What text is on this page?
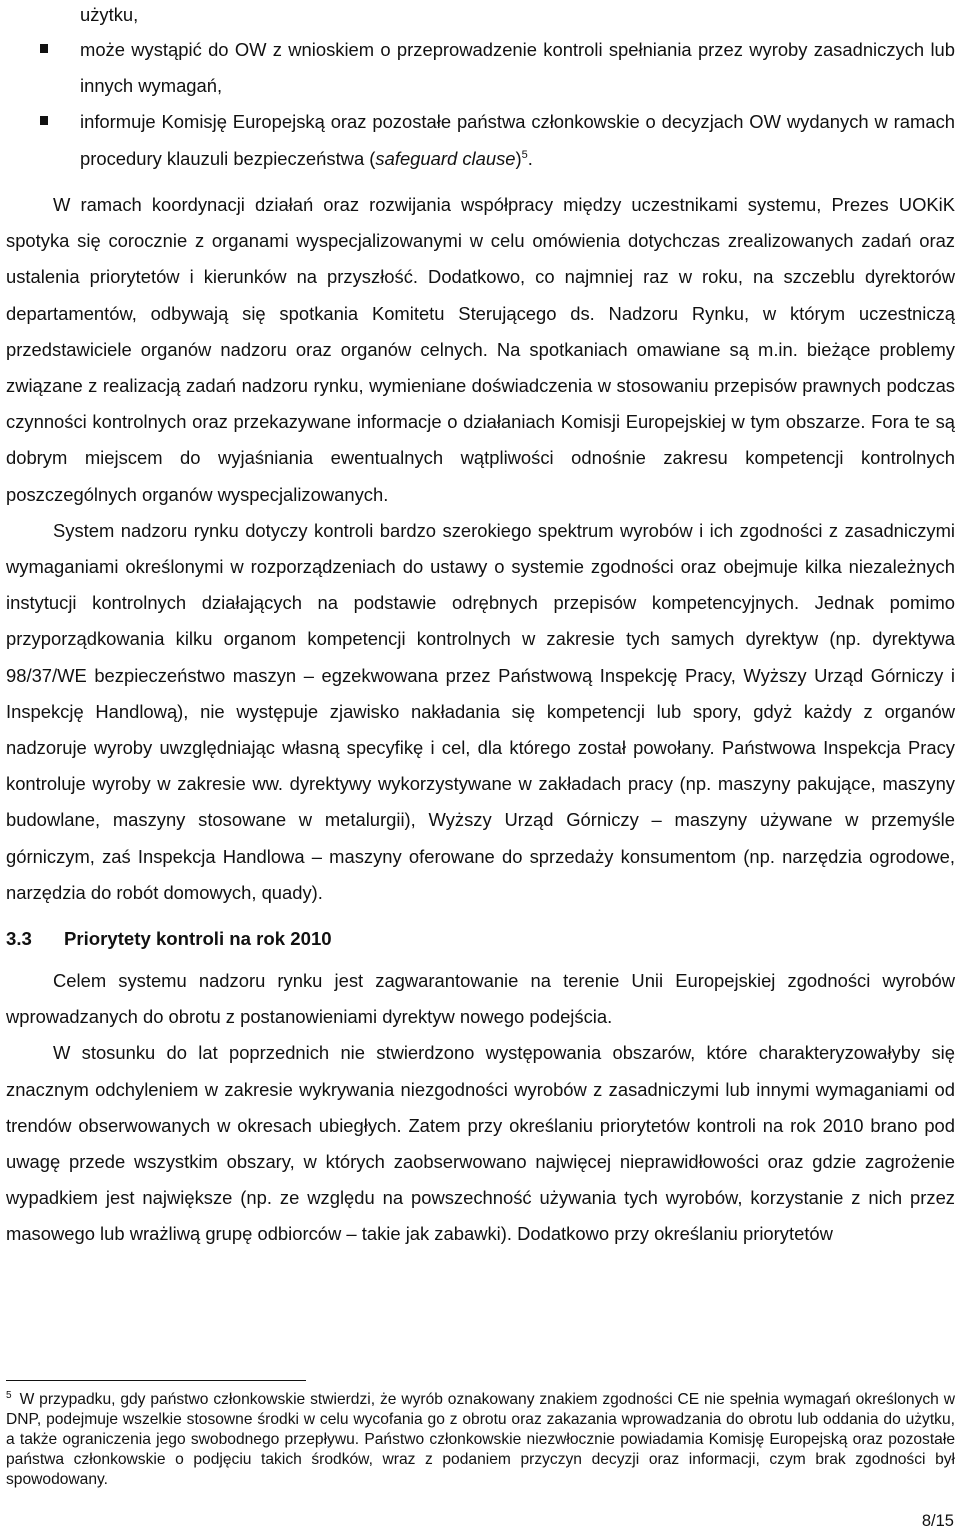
użytku,
może wystąpić do OW z wnioskiem o przeprowadzenie kontroli spełniania przez wyroby zasadniczych lub innych wymagań,
informuje Komisję Europejską oraz pozostałe państwa członkowskie o decyzjach OW wydanych w ramach procedury klauzuli bezpieczeństwa (safeguard clause)$^5$.

W ramach koordynacji działań oraz rozwijania współpracy między uczestnikami systemu, Prezes UOKiK spotyka się corocznie z organami wyspecjalizowanymi w celu omówienia dotychczas zrealizowanych zadań oraz ustalenia priorytetów i kierunków na przyszłość. Dodatkowo, co najmniej raz w roku, na szczeblu dyrektorów departamentów, odbywają się spotkania Komitetu Sterującego ds. Nadzoru Rynku, w którym uczestniczą przedstawiciele organów nadzoru oraz organów celnych. Na spotkaniach omawiane są m.in. bieżące problemy związane z realizacją zadań nadzoru rynku, wymieniane doświadczenia w stosowaniu przepisów prawnych podczas czynności kontrolnych oraz przekazywane informacje o działaniach Komisji Europejskiej w tym obszarze. Fora te są dobrym miejscem do wyjaśniania ewentualnych wątpliwości odnośnie zakresu kompetencji kontrolnych poszczególnych organów wyspecjalizowanych.

System nadzoru rynku dotyczy kontroli bardzo szerokiego spektrum wyrobów i ich zgodności z zasadniczymi wymaganiami określonymi w rozporządzeniach do ustawy o systemie zgodności oraz obejmuje kilka niezależnych instytucji kontrolnych działających na podstawie odrębnych przepisów kompetencyjnych. Jednak pomimo przyporządkowania kilku organom kompetencji kontrolnych w zakresie tych samych dyrektyw (np. dyrektywa 98/37/WE bezpieczeństwo maszyn – egzekwowana przez Państwową Inspekcję Pracy, Wyższy Urząd Górniczy i Inspekcję Handlową), nie występuje zjawisko nakładania się kompetencji lub spory, gdyż każdy z organów nadzoruje wyroby uwzględniając własną specyfikę i cel, dla którego został powołany. Państwowa Inspekcja Pracy kontroluje wyroby w zakresie ww. dyrektywy wykorzystywane w zakładach pracy (np. maszyny pakujące, maszyny budowlane, maszyny stosowane w metalurgii), Wyższy Urząd Górniczy – maszyny używane w przemyśle górniczym, zaś Inspekcja Handlowa – maszyny oferowane do sprzedaży konsumentom (np. narzędzia ogrodowe, narzędzia do robót domowych, quady).

3.3	Priorytety kontroli na rok 2010

Celem systemu nadzoru rynku jest zagwarantowanie na terenie Unii Europejskiej zgodności wyrobów wprowadzanych do obrotu z postanowieniami dyrektyw nowego podejścia.

W stosunku do lat poprzednich nie stwierdzono występowania obszarów, które charakteryzowałyby się znacznym odchyleniem w zakresie wykrywania niezgodności wyrobów z zasadniczymi lub innymi wymaganiami od trendów obserwowanych w okresach ubiegłych. Zatem przy określaniu priorytetów kontroli na rok 2010 brano pod uwagę przede wszystkim obszary, w których zaobserwowano najwięcej nieprawidłowości oraz gdzie zagrożenie wypadkiem jest największe (np. ze względu na powszechność używania tych wyrobów, korzystanie z nich przez masowego lub wrażliwą grupę odbiorców – takie jak zabawki). Dodatkowo przy określaniu priorytetów

$^5$ W przypadku, gdy państwo członkowskie stwierdzi, że wyrób oznakowany znakiem zgodności CE nie spełnia wymagań określonych w DNP, podejmuje wszelkie stosowne środki w celu wycofania go z obrotu oraz zakazania wprowadzania do obrotu lub oddania do użytku, a także ograniczenia jego swobodnego przepływu. Państwo członkowskie niezwłocznie powiadamia Komisję Europejską oraz pozostałe państwa członkowskie o podjęciu takich środków, wraz z podaniem przyczyn decyzji oraz informacji, czym brak zgodności był spowodowany.
8/15
